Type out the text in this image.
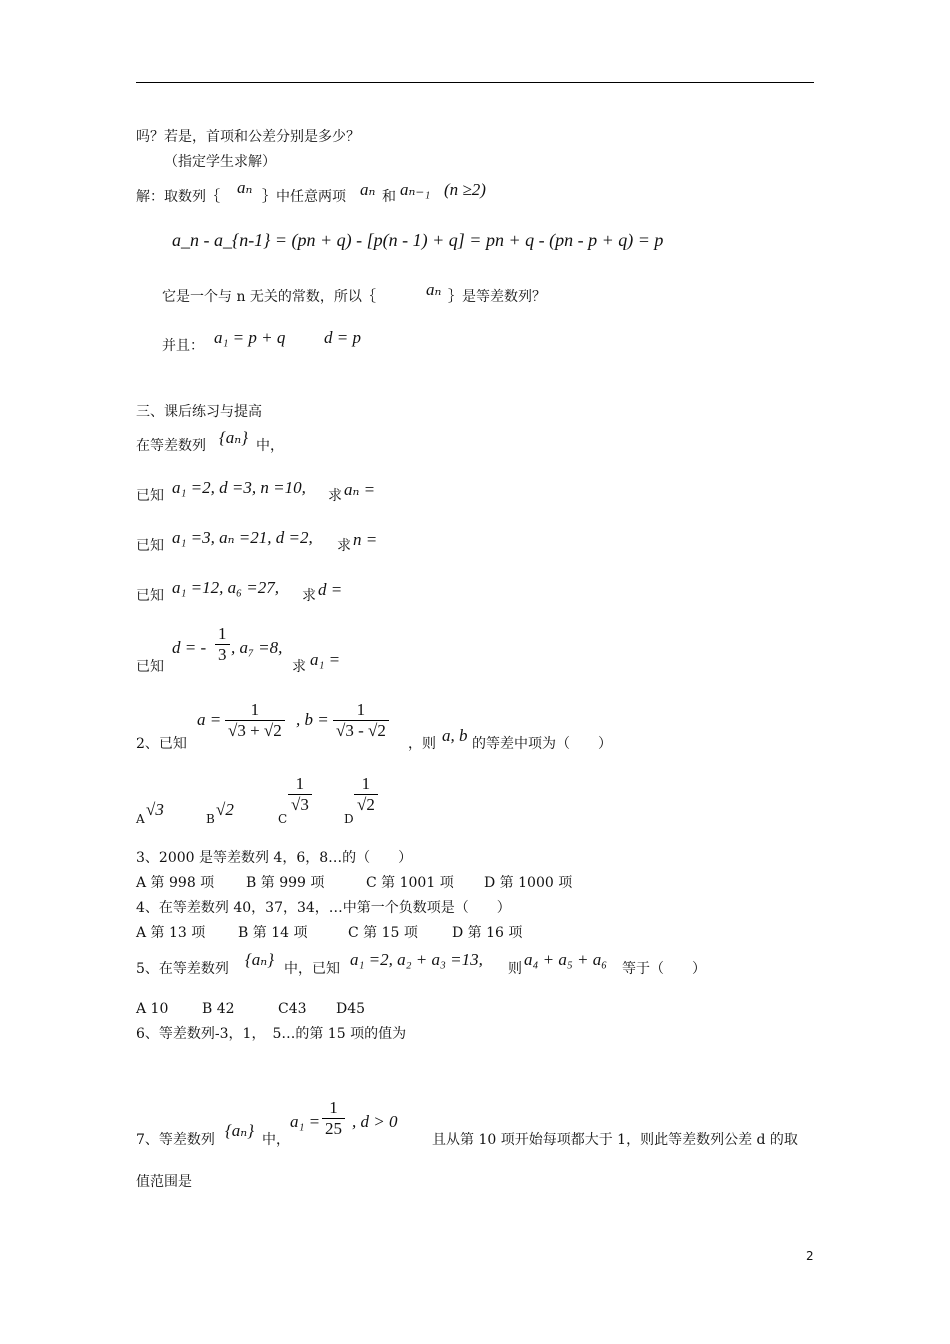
吗？若是，首项和公差分别是多少？
（指定学生求解）
解：取数列｛ aₙ ｝中任意两项 aₙ 和 aₙ₋₁ (n ≥2)
a_n - a_{n-1} = (pn + q) - [p(n - 1) + q] = pn + q - (pn - p + q) = p
它是一个与 n 无关的常数，所以｛	aₙ ｝是等差数列？
并且： a₁ = p + q d = p
三、课后练习与提高
在等差数列 {aₙ} 中，
已知 a₁ =2, d =3, n =10, 求 aₙ =
已知 a₁ =3, aₙ =21, d =2, 求 n =
已知 a₁ =12, a₆ =27, 求 d =
已知
d = - $\frac{1}{3}$ , a₇ =8,
求 a₁ =
2、已知
$a = \frac{1}{√3 + √2}$ , $b = \frac{1}{√3 - √2}$
，则 a, b 的等差中项为（　　）
A √3	B √2	C
$\frac{1}{√3}$
D
$\frac{1}{√2}$
3、2000 是等差数列 4，6，8…的（　　）
A 第 998 项 B 第 999 项	C 第 1001 项 D 第 1000 项
4、在等差数列 40，37，34，…中第一个负数项是（　　）
A 第 13 项 B 第 14 项	C 第 15 项 D 第 16 项
5、在等差数列 {aₙ} 中，已知 a₁ =2, a₂ + a₃ =13, 则 a₄ + a₅ + a₆ 等于（　　）
A 10 B 42	C43 D45
6、等差数列-3，1，　5…的第 15 项的值为
7、等差数列 {aₙ} 中，
$a_1 = \frac{1}{25}$ , d > 0
且从第 10 项开始每项都大于 1，则此等差数列公差 d 的取
值范围是
2
